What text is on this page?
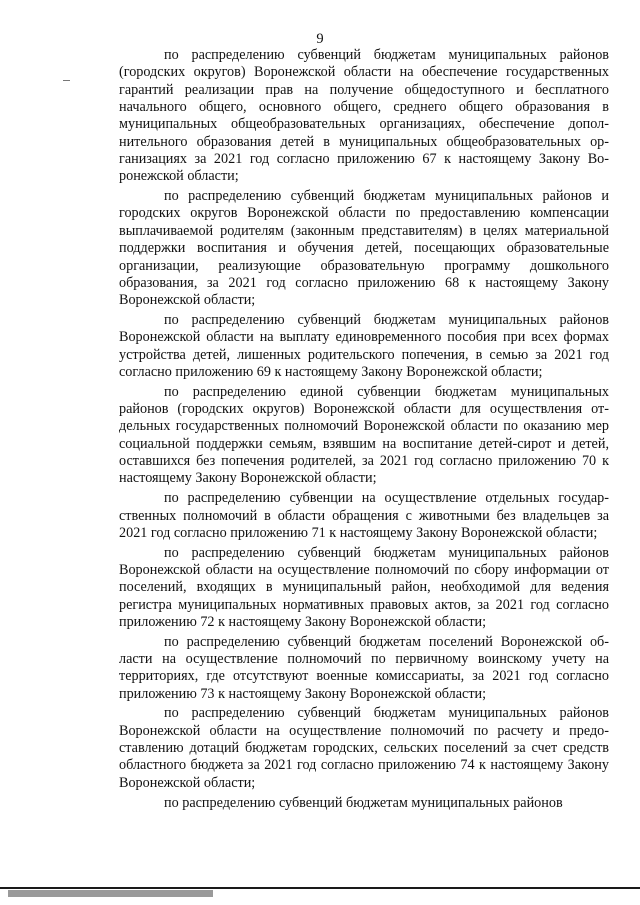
9

по распределению субвенций бюджетам муниципальных районов (городских округов) Воронежской области на обеспечение государственных гарантий реализации прав на получение общедоступного и бесплатного начального общего, основного общего, среднего общего образования в муниципальных общеобразовательных организациях, обеспечение дополнительного образования детей в муниципальных общеобразовательных организациях за 2021 год согласно приложению 67 к настоящему Закону Воронежской области;

по распределению субвенций бюджетам муниципальных районов и городских округов Воронежской области по предоставлению компенсации выплачиваемой родителям (законным представителям) в целях материальной поддержки воспитания и обучения детей, посещающих образовательные организации, реализующие образовательную программу дошкольного образования, за 2021 год согласно приложению 68 к настоящему Закону Воронежской области;

по распределению субвенций бюджетам муниципальных районов Воронежской области на выплату единовременного пособия при всех формах устройства детей, лишенных родительского попечения, в семью за 2021 год согласно приложению 69 к настоящему Закону Воронежской области;

по распределению единой субвенции бюджетам муниципальных районов (городских округов) Воронежской области для осуществления отдельных государственных полномочий Воронежской области по оказанию мер социальной поддержки семьям, взявшим на воспитание детей-сирот и детей, оставшихся без попечения родителей, за 2021 год согласно приложению 70 к настоящему Закону Воронежской области;

по распределению субвенции на осуществление отдельных государственных полномочий в области обращения с животными без владельцев за 2021 год согласно приложению 71 к настоящему Закону Воронежской области;

по распределению субвенций бюджетам муниципальных районов Воронежской области на осуществление полномочий по сбору информации от поселений, входящих в муниципальный район, необходимой для ведения регистра муниципальных нормативных правовых актов, за 2021 год согласно приложению 72 к настоящему Закону Воронежской области;

по распределению субвенций бюджетам поселений Воронежской области на осуществление полномочий по первичному воинскому учету на территориях, где отсутствуют военные комиссариаты, за 2021 год согласно приложению 73 к настоящему Закону Воронежской области;

по распределению субвенций бюджетам муниципальных районов Воронежской области на осуществление полномочий по расчету и предоставлению дотаций бюджетам городских, сельских поселений за счет средств областного бюджета за 2021 год согласно приложению 74 к настоящему Закону Воронежской области;

по распределению субвенций бюджетам муниципальных районов
